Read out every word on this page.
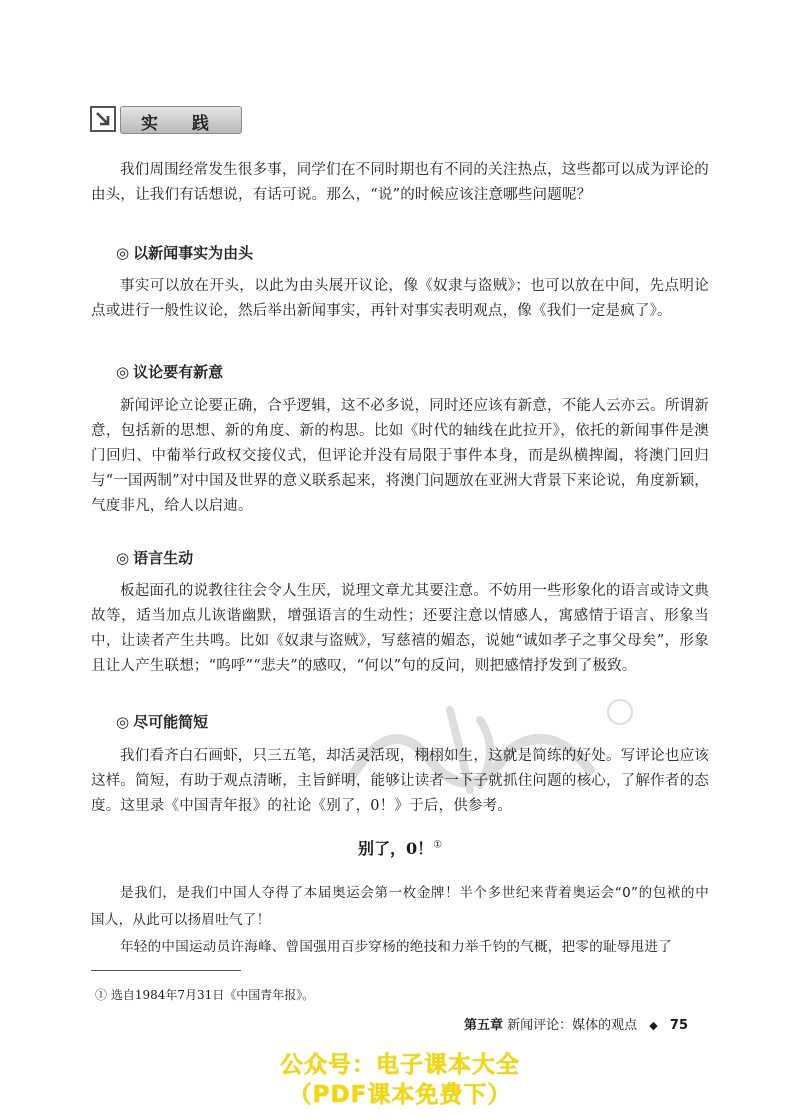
实 践

我们周围经常发生很多事，同学们在不同时期也有不同的关注热点，这些都可以成为评论的由头，让我们有话想说，有话可说。那么，“说”的时候应该注意哪些问题呢？

◎ 以新闻事实为由头

事实可以放在开头，以此为由头展开议论，像《奴隶与盗贼》；也可以放在中间，先点明论点或进行一般性议论，然后举出新闻事实，再针对事实表明观点，像《我们一定是疯了》。

◎ 议论要有新意

新闻评论立论要正确，合乎逻辑，这不必多说，同时还应该有新意，不能人云亦云。所谓新意，包括新的思想、新的角度、新的构思。比如《时代的轴线在此拉开》，依托的新闻事件是澳门回归、中葡举行政权交接仪式，但评论并没有局限于事件本身，而是纵横捭阖，将澳门回归与“一国两制”对中国及世界的意义联系起来，将澳门问题放在亚洲大背景下来论说，角度新颖，气度非凡，给人以启迪。

◎ 语言生动

板起面孔的说教往往会令人生厌，说理文章尤其要注意。不妨用一些形象化的语言或诗文典故等，适当加点儿诙谐幽默，增强语言的生动性；还要注意以情感人，寓感情于语言、形象当中，让读者产生共鸣。比如《奴隶与盗贼》，写慈禧的媚态，说她“诚如孝子之事父母矣”，形象且让人产生联想；“呜呼”“悲夫”的感叹，“何以”句的反问，则把感情抒发到了极致。

◎ 尽可能简短

我们看齐白石画虾，只三五笔，却活灵活现，栩栩如生，这就是简练的好处。写评论也应该这样。简短，有助于观点清晰，主旨鲜明，能够让读者一下子就抓住问题的核心，了解作者的态度。这里录《中国青年报》的社论《别了，0！》于后，供参考。

别了，0！①

是我们，是我们中国人夺得了本届奥运会第一枚金牌！半个多世纪来背着奥运会“0”的包袱的中国人，从此可以扬眉吐气了！

年轻的中国运动员许海峰、曾国强用百步穿杨的绝技和力举千钧的气概，把零的耻辱甩进了

① 选自1984年7月31日《中国青年报》。
第五章 新闻评论：媒体的观点 ◆ 75
公众号：电子课本大全
（PDF课本免费下）
